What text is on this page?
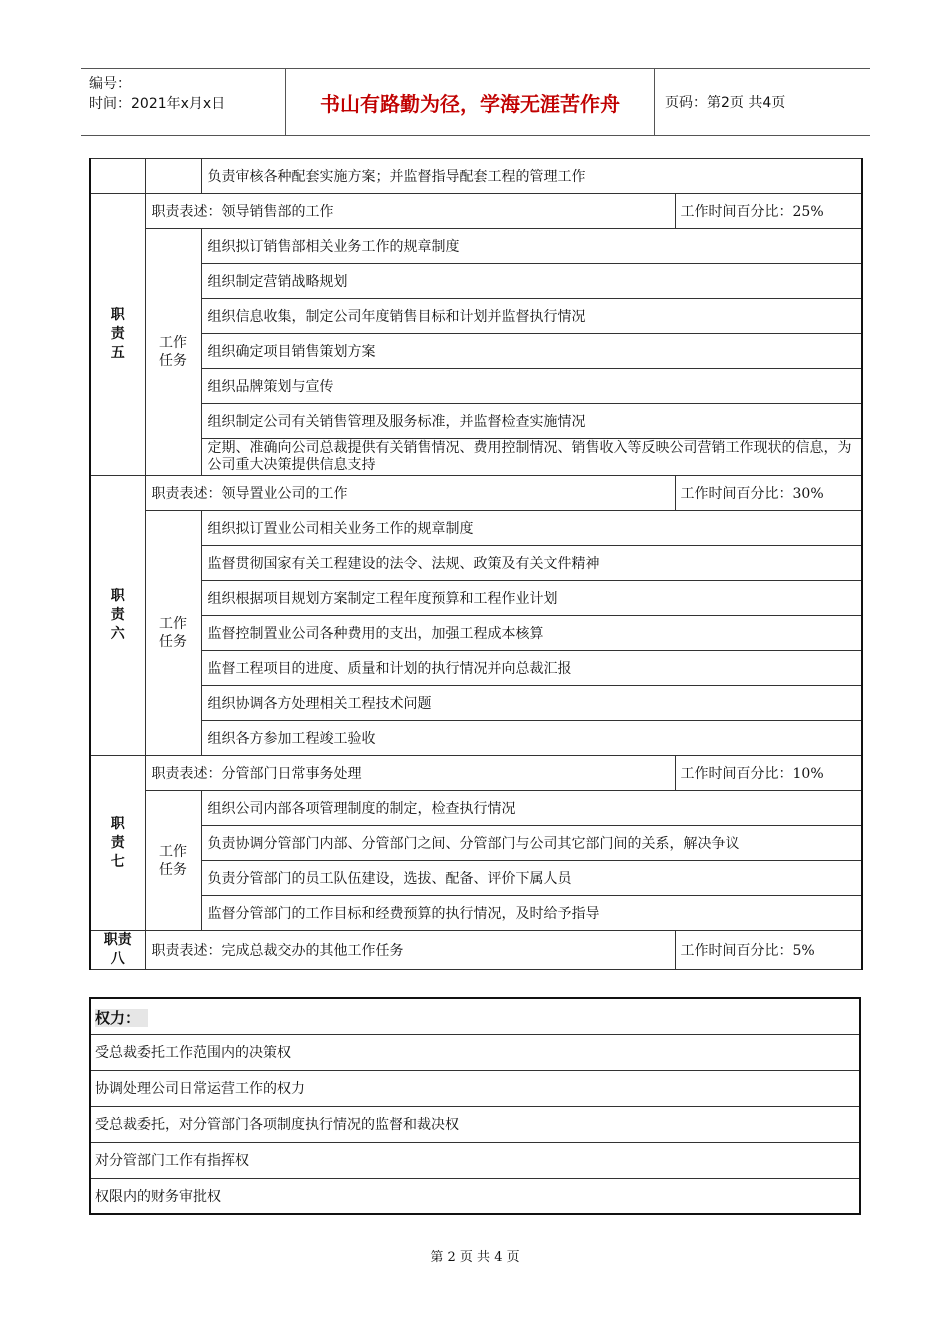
编号：
时间：2021年x月x日	书山有路勤为径，学海无涯苦作舟	页码：第2页 共4页
		负责审核各种配套实施方案；并监督指导配套工程的管理工作	
职
责
五	职责表述：领导销售部的工作		工作时间百分比：25%
	工作
任务	组织拟订销售部相关业务工作的规章制度	
		组织制定营销战略规划	
		组织信息收集，制定公司年度销售目标和计划并监督执行情况	
		组织确定项目销售策划方案	
		组织品牌策划与宣传	
		组织制定公司有关销售管理及服务标准，并监督检查实施情况	
		定期、准确向公司总裁提供有关销售情况、费用控制情况、销售收入等反映公司营销工作现状的信息，为公司重大决策提供信息支持	
职
责
六	职责表述：领导置业公司的工作		工作时间百分比：30%
	工作
任务	组织拟订置业公司相关业务工作的规章制度	
		监督贯彻国家有关工程建设的法令、法规、政策及有关文件精神	
		组织根据项目规划方案制定工程年度预算和工程作业计划	
		监督控制置业公司各种费用的支出，加强工程成本核算	
		监督工程项目的进度、质量和计划的执行情况并向总裁汇报	
		组织协调各方处理相关工程技术问题	
		组织各方参加工程竣工验收	
职
责
七	职责表述：分管部门日常事务处理		工作时间百分比：10%
	工作
任务	组织公司内部各项管理制度的制定，检查执行情况	
		负责协调分管部门内部、分管部门之间、分管部门与公司其它部门间的关系，解决争议	
		负责分管部门的员工队伍建设，选拔、配备、评价下属人员	
		监督分管部门的工作目标和经费预算的执行情况，及时给予指导	
职责
八	职责表述：完成总裁交办的其他工作任务		工作时间百分比：5%
权力：
受总裁委托工作范围内的决策权
协调处理公司日常运营工作的权力
受总裁委托，对分管部门各项制度执行情况的监督和裁决权
对分管部门工作有指挥权
权限内的财务审批权
第 2 页 共 4 页
